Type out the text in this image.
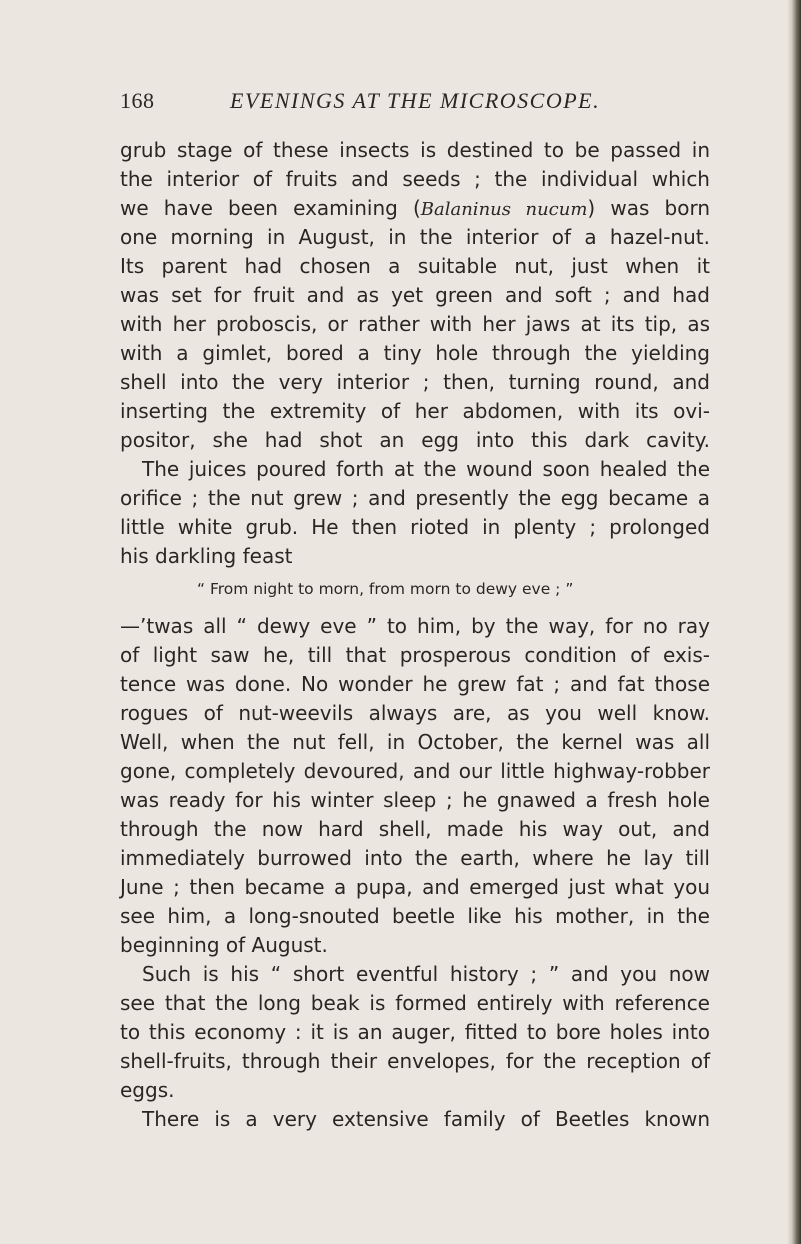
168	EVENINGS AT THE MICROSCOPE.
grub stage of these insects is destined to be passed in
the interior of fruits and seeds ; the individual which
we have been examining (Balaninus nucum) was born
one morning in August, in the interior of a hazel-nut.
Its parent had chosen a suitable nut, just when it
was set for fruit and as yet green and soft ; and had
with her proboscis, or rather with her jaws at its tip, as
with a gimlet, bored a tiny hole through the yielding
shell into the very interior ; then, turning round, and
inserting the extremity of her abdomen, with its ovi-
positor, she had shot an egg into this dark cavity.
The juices poured forth at the wound soon healed the
orifice ; the nut grew ; and presently the egg became a
little white grub. He then rioted in plenty ; prolonged
his darkling feast
“ From night to morn, from morn to dewy eve ; ”
—’twas all “ dewy eve ” to him, by the way, for no ray
of light saw he, till that prosperous condition of exis-
tence was done. No wonder he grew fat ; and fat those
rogues of nut-weevils always are, as you well know.
Well, when the nut fell, in October, the kernel was all
gone, completely devoured, and our little highway-robber
was ready for his winter sleep ; he gnawed a fresh hole
through the now hard shell, made his way out, and
immediately burrowed into the earth, where he lay till
June ; then became a pupa, and emerged just what you
see him, a long-snouted beetle like his mother, in the
beginning of August.
Such is his “ short eventful history ; ” and you now
see that the long beak is formed entirely with reference
to this economy : it is an auger, fitted to bore holes into
shell-fruits, through their envelopes, for the reception of
eggs.
There is a very extensive family of Beetles known
